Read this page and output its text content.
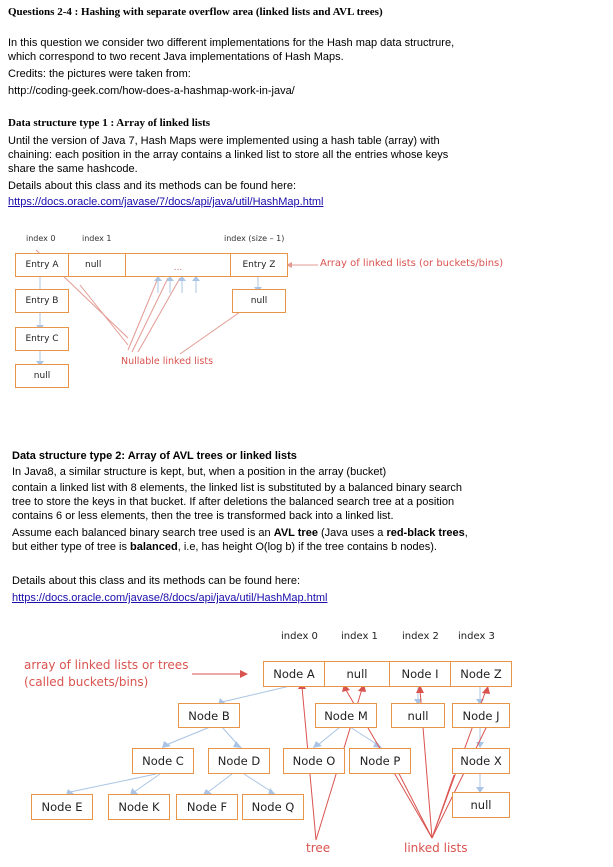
Questions 2-4 : Hashing with separate overflow area (linked lists and AVL trees)
In this question we consider two different implementations for the Hash map data structrure,
which correspond to two recent Java implementations of Hash Maps.
Credits: the pictures were taken from:
http://coding-geek.com/how-does-a-hashmap-work-in-java/
Data structure type 1 : Array of linked lists
Until the version of Java 7, Hash Maps were implemented using a hash table (array) with
chaining: each position in the array contains a linked list to store all the entries whose keys
share the same hashcode.
Details about this class and its methods can be found here:
https://docs.oracle.com/javase/7/docs/api/java/util/HashMap.html
index 0	index 1	index (size – 1)
Entry A	null	...	Entry Z	Array of linked lists (or buckets/bins)
Entry B	null
Entry C
null
Nullable linked lists
Data structure type 2: Array of AVL trees or linked lists
In Java8, a similar structure is kept, but, when a position in the array (bucket)
contain a linked list with 8 elements, the linked list is substituted by a balanced binary search
tree to store the keys in that bucket. If after deletions the balanced search tree at a position
contains 6 or less elements, then the tree is transformed back into a linked list.
Assume each balanced binary search tree used is an AVL tree (Java uses a red-black trees,
but either type of tree is balanced, i.e, has height O(log b) if the tree contains b nodes).
Details about this class and its methods can be found here:
https://docs.oracle.com/javase/8/docs/api/java/util/HashMap.html
index 0 index 1 index 2 index 3
array of linked lists or trees
(called buckets/bins)
Node A	null	Node I Node Z
Node B	Node M	null	Node J
Node C	Node D	Node O Node P	Node X
Node E	Node K Node F Node Q	null
tree	linked lists
